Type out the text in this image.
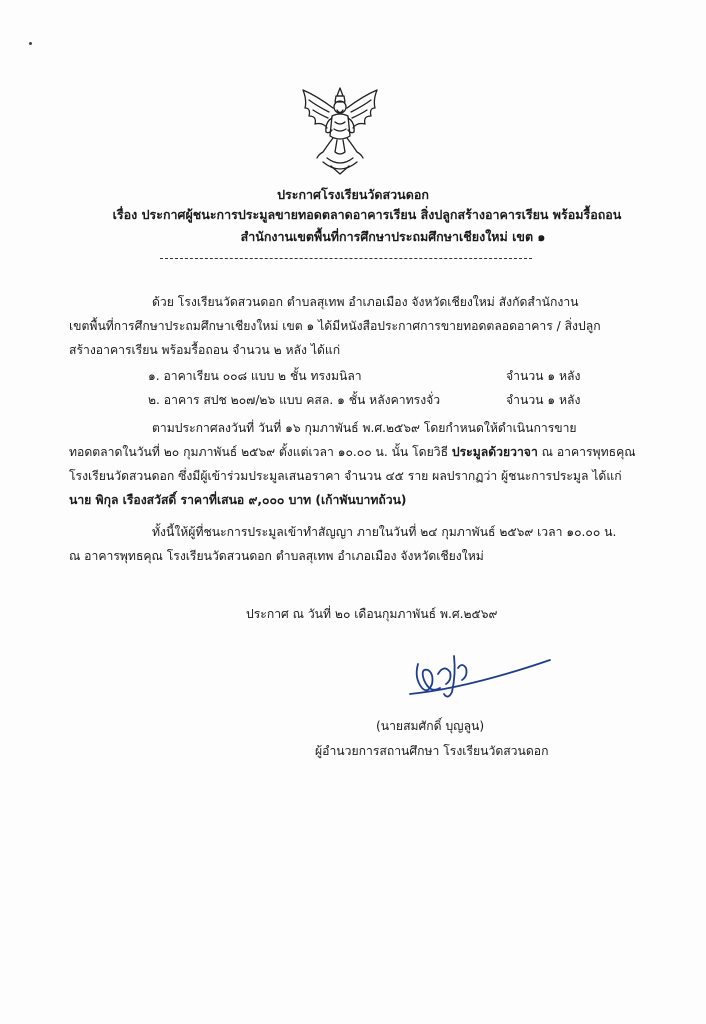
ประกาศโรงเรียนวัดสวนดอก
เรื่อง ประกาศผู้ชนะการประมูลขายทอดตลาดอาคารเรียน สิ่งปลูกสร้างอาคารเรียน พร้อมรื้อถอน
สำนักงานเขตพื้นที่การศึกษาประถมศึกษาเชียงใหม่ เขต ๑
ด้วย โรงเรียนวัดสวนดอก ตำบลสุเทพ อำเภอเมือง จังหวัดเชียงใหม่ สังกัดสำนักงาน
เขตพื้นที่การศึกษาประถมศึกษาเชียงใหม่ เขต ๑ ได้มีหนังสือประกาศการขายทอดตลอดอาคาร / สิ่งปลูก
สร้างอาคารเรียน พร้อมรื้อถอน จำนวน ๒ หลัง ได้แก่
๑. อาคาเรียน ๐๐๘ แบบ ๒ ชั้น ทรงมนิลา	จำนวน ๑ หลัง
๒. อาคาร สปช ๒๐๗/๒๖ แบบ คสล. ๑ ชั้น หลังคาทรงจั่ว	จำนวน ๑ หลัง
ตามประกาศลงวันที่ วันที่ ๑๖ กุมภาพันธ์ พ.ศ.๒๕๖๙ โดยกำหนดให้ดำเนินการขาย
ทอดตลาดในวันที่ ๒๐ กุมภาพันธ์ ๒๕๖๙ ตั้งแต่เวลา ๑๐.๐๐ น. นั้น โดยวิธี ประมูลด้วยวาจา ณ อาคารพุทธคุณ
โรงเรียนวัดสวนดอก ซึ่งมีผู้เข้าร่วมประมูลเสนอราคา จำนวน ๔๕ ราย ผลปรากฏว่า ผู้ชนะการประมูล ได้แก่
นาย พิกุล เรืองสวัสดิ์ ราคาที่เสนอ ๙,๐๐๐ บาท (เก้าพันบาทถ้วน)
ทั้งนี้ให้ผู้ที่ชนะการประมูลเข้าทำสัญญา ภายในวันที่ ๒๔ กุมภาพันธ์ ๒๕๖๙ เวลา ๑๐.๐๐ น.
ณ อาคารพุทธคุณ โรงเรียนวัดสวนดอก ตำบลสุเทพ อำเภอเมือง จังหวัดเชียงใหม่
ประกาศ ณ วันที่ ๒๐ เดือนกุมภาพันธ์ พ.ศ.๒๕๖๙
(นายสมศักดิ์ บุญลูน)
ผู้อำนวยการสถานศึกษา โรงเรียนวัดสวนดอก
